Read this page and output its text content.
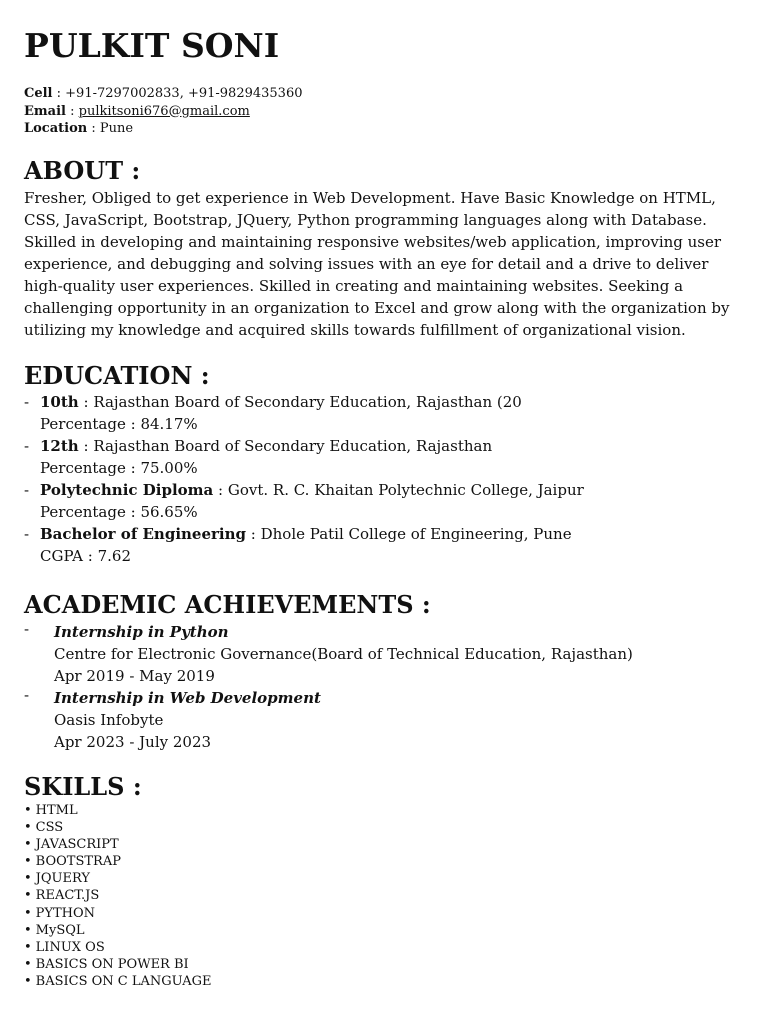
PULKIT SONI
Cell : +91-7297002833, +91-9829435360
Email : pulkitsoni676@gmail.com
Location : Pune
ABOUT :
Fresher, Obliged to get experience in Web Development. Have Basic Knowledge on HTML, CSS, JavaScript, Bootstrap, JQuery, Python programming languages along with Database. Skilled in developing and maintaining responsive websites/web application, improving user experience, and debugging and solving issues with an eye for detail and a drive to deliver high-quality user experiences. Skilled in creating and maintaining websites. Seeking a challenging opportunity in an organization to Excel and grow along with the organization by utilizing my knowledge and acquired skills towards fulfillment of organizational vision.
EDUCATION :
- 10th : Rajasthan Board of Secondary Education, Rajasthan (20
Percentage : 84.17%
- 12th : Rajasthan Board of Secondary Education, Rajasthan
Percentage : 75.00%
- Polytechnic Diploma : Govt. R. C. Khaitan Polytechnic College, Jaipur
Percentage : 56.65%
- Bachelor of Engineering : Dhole Patil College of Engineering, Pune
CGPA : 7.62
ACADEMIC ACHIEVEMENTS :
- Internship in Python
Centre for Electronic Governance(Board of Technical Education, Rajasthan)
Apr 2019 - May 2019
- Internship in Web Development
Oasis Infobyte
Apr 2023 - July 2023
SKILLS :
• HTML
• CSS
• JAVASCRIPT
• BOOTSTRAP
• JQUERY
• REACT.JS
• PYTHON
• MySQL
• LINUX OS
• BASICS ON POWER BI
• BASICS ON C LANGUAGE
